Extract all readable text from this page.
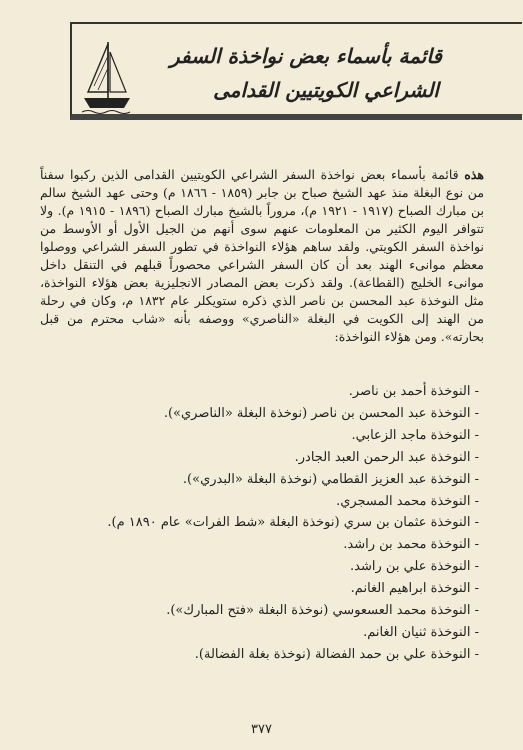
قائمة بأسماء بعض نواخذة السفر
الشراعي الكويتيين القدامى

هذه قائمة بأسماء بعض نواخذة السفر الشراعي الكويتيين القدامى الذين ركبوا سفناً من نوع البغلة منذ عهد الشيخ صباح بن جابر (١٨٥٩ - ١٨٦٦ م) وحتى عهد الشيخ سالم بن مبارك الصباح (١٩١٧ - ١٩٢١ م)، مروراً بالشيخ مبارك الصباح (١٨٩٦ - ١٩١٥ م). ولا تتوافر اليوم الكثير من المعلومات عنهم سوى أنهم من الجيل الأول أو الأوسط من نواخذة السفر الكويتي. ولقد ساهم هؤلاء النواخذة في تطور السفر الشراعي ووصلوا معظم موانىء الهند بعد أن كان السفر الشراعي محصوراً قبلهم في التنقل داخل موانىء الخليج (القطاعة). ولقد ذكرت بعض المصادر الانجليزية بعض هؤلاء النواخذة، مثل النوخذة عبد المحسن بن ناصر الذي ذكره ستويكلر عام ١٨٣٢ م، وكان في رحلة من الهند إلى الكويت في البغلة «الناصري» ووصفه بأنه «شاب محترم من قبل بحارته». ومن هؤلاء النواخذة:

- النوخذة أحمد بن ناصر.
- النوخذة عبد المحسن بن ناصر (نوخذة البغلة «الناصري»).
- النوخذة ماجد الزعابي.
- النوخذة عبد الرحمن العبد الجادر.
- النوخذة عبد العزيز القطامي (نوخذة البغلة «البدري»).
- النوخذة محمد المسجري.
- النوخذة عثمان بن سري (نوخذة البغلة «شط الفرات» عام ١٨٩٠ م).
- النوخذة محمد بن راشد.
- النوخذة علي بن راشد.
- النوخذة ابراهيم الغانم.
- النوخذة محمد العسعوسي (نوخذة البغلة «فتح المبارك»).
- النوخذة ثنيان الغانم.
- النوخذة علي بن حمد الفضالة (نوخذة بغلة الفضالة).
٣٧٧
